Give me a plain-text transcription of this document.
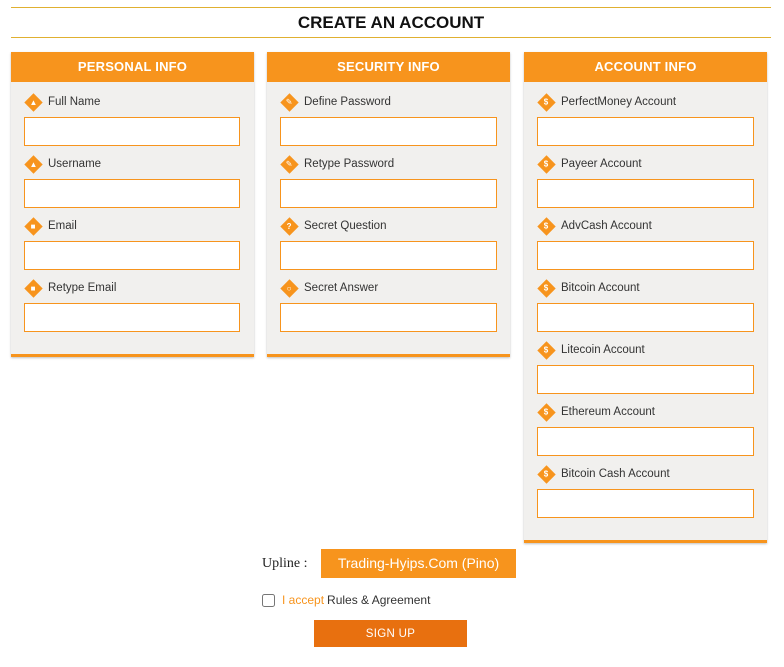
CREATE AN ACCOUNT
PERSONAL INFO
▲ Full Name
▲ Username
■ Email
■ Retype Email
SECURITY INFO
✎ Define Password
✎ Retype Password
? Secret Question
○ Secret Answer
ACCOUNT INFO
$ PerfectMoney Account
$ Payeer Account
$ AdvCash Account
$ Bitcoin Account
$ Litecoin Account
$ Ethereum Account
$ Bitcoin Cash Account
Upline :	Trading-Hyips.Com (Pino)
I accept Rules & Agreement
SIGN UP
